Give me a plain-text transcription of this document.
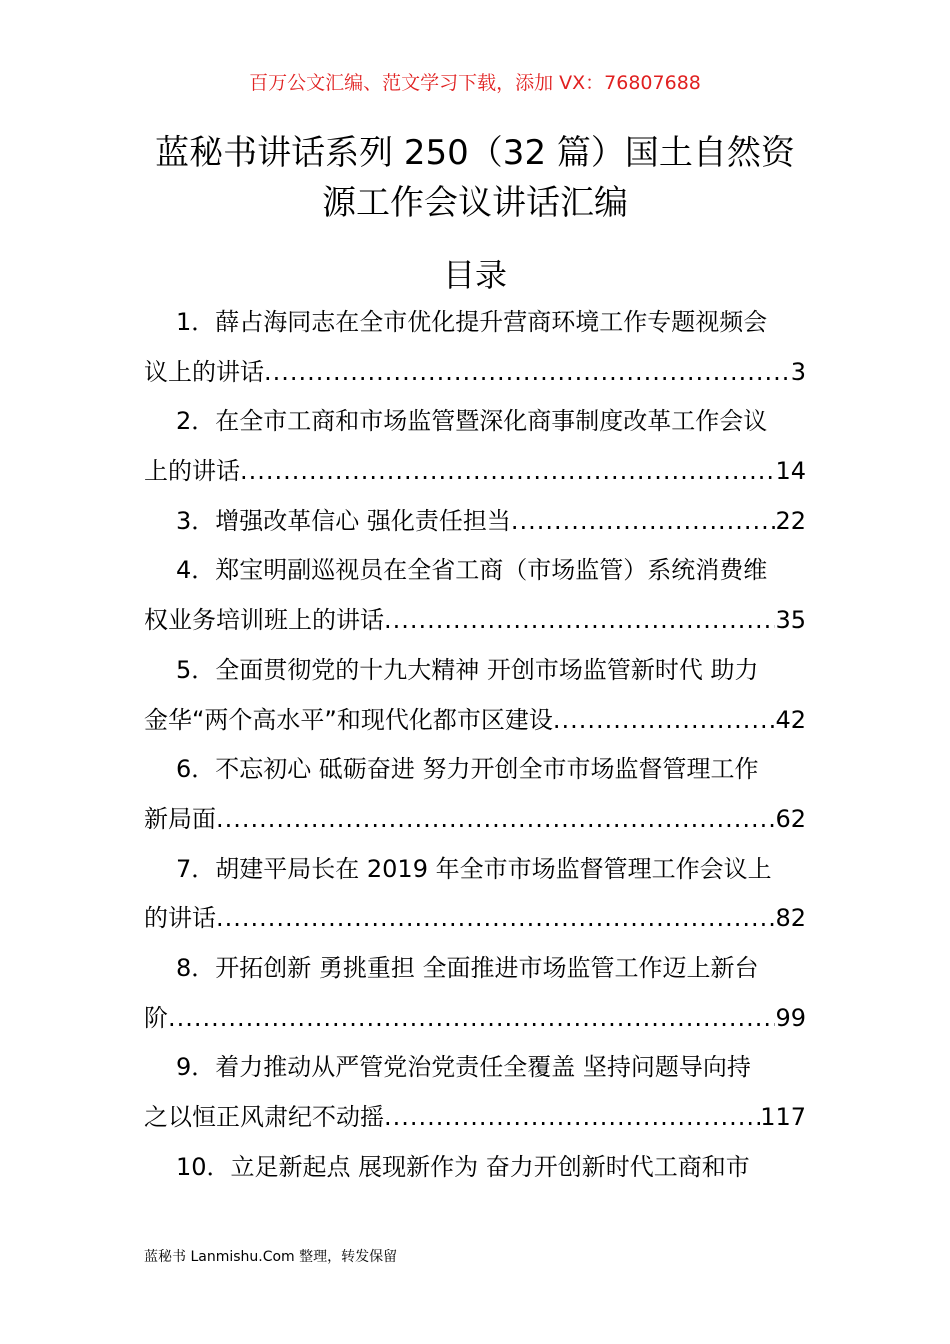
百万公文汇编、范文学习下载，添加 VX：76807688
蓝秘书讲话系列 250（32 篇）国土自然资
源工作会议讲话汇编
目录
1．薛占海同志在全市优化提升营商环境工作专题视频会
议上的讲话 .....	3
2．在全市工商和市场监管暨深化商事制度改革工作会议
上的讲话 .....	14
3．增强改革信心 强化责任担当 .....	22
4．郑宝明副巡视员在全省工商（市场监管）系统消费维
权业务培训班上的讲话 .....	35
5．全面贯彻党的十九大精神 开创市场监管新时代 助力
金华“两个高水平”和现代化都市区建设 .....	42
6．不忘初心 砥砺奋进 努力开创全市市场监督管理工作
新局面 .....	62
7．胡建平局长在 2019 年全市市场监督管理工作会议上
的讲话 .....	82
8．开拓创新 勇挑重担 全面推进市场监管工作迈上新台
阶 .....	99
9．着力推动从严管党治党责任全覆盖 坚持问题导向持
之以恒正风肃纪不动摇 .....	117
10．立足新起点 展现新作为 奋力开创新时代工商和市
蓝秘书 Lanmishu.Com 整理，转发保留
